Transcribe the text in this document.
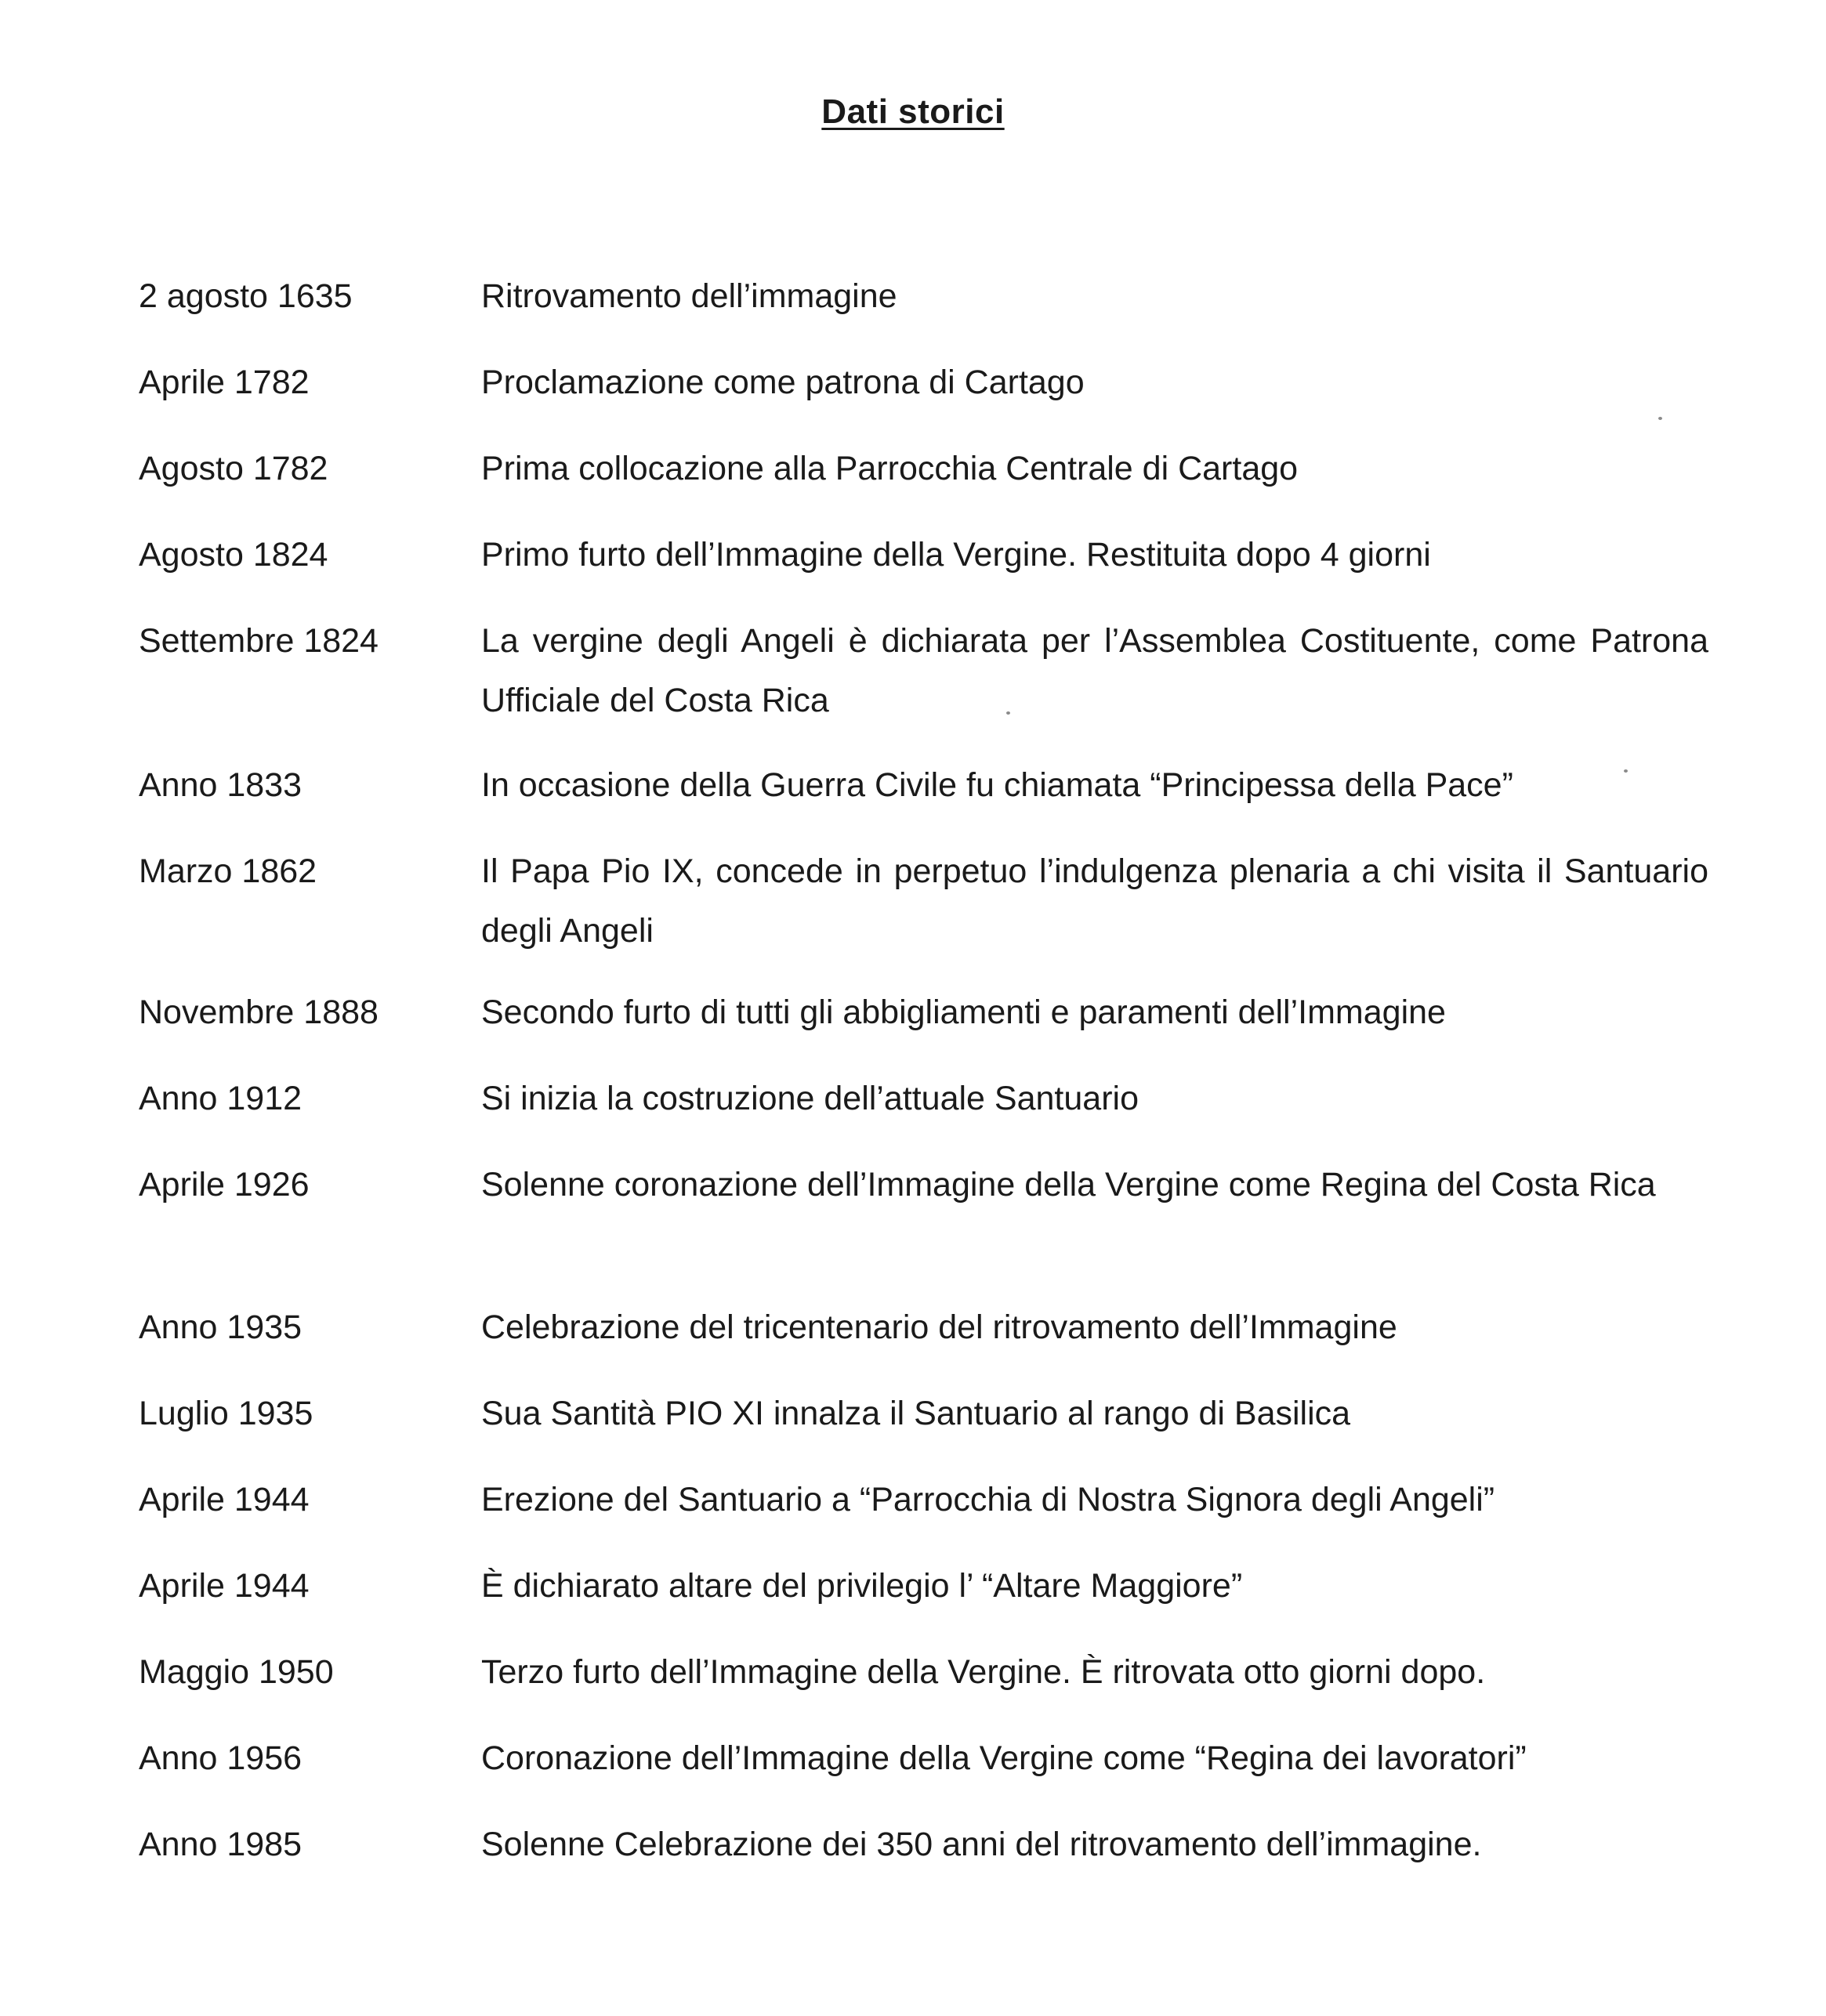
Dati storici
2 agosto 1635	Ritrovamento dell’immagine
Aprile 1782	Proclamazione come patrona di Cartago
Agosto 1782	Prima collocazione alla Parrocchia Centrale di Cartago
Agosto 1824	Primo furto dell’Immagine della Vergine. Restituita dopo 4 giorni
Settembre 1824	La vergine degli Angeli è dichiarata per l’Assemblea Costituente, come Patrona Ufficiale del Costa Rica
Anno 1833	In occasione della Guerra Civile fu chiamata “Principessa della Pace”
Marzo 1862	Il Papa Pio IX, concede in perpetuo l’indulgenza plenaria a chi visita il Santuario degli Angeli
Novembre 1888	Secondo furto di tutti gli abbigliamenti e paramenti dell’Immagine
Anno 1912	Si inizia la costruzione dell’attuale Santuario
Aprile 1926	Solenne coronazione dell’Immagine della Vergine come Regina del Costa Rica
Anno 1935	Celebrazione del tricentenario del ritrovamento dell’Immagine
Luglio 1935	Sua Santità PIO XI innalza il Santuario al rango di Basilica
Aprile 1944	Erezione del Santuario a “Parrocchia di Nostra Signora degli Angeli”
Aprile 1944	È dichiarato altare del privilegio l’ “Altare Maggiore”
Maggio 1950	Terzo furto dell’Immagine della Vergine. È ritrovata otto giorni dopo.
Anno 1956	Coronazione dell’Immagine della Vergine come “Regina dei lavoratori”
Anno 1985	Solenne Celebrazione dei 350 anni del ritrovamento dell’immagine.
